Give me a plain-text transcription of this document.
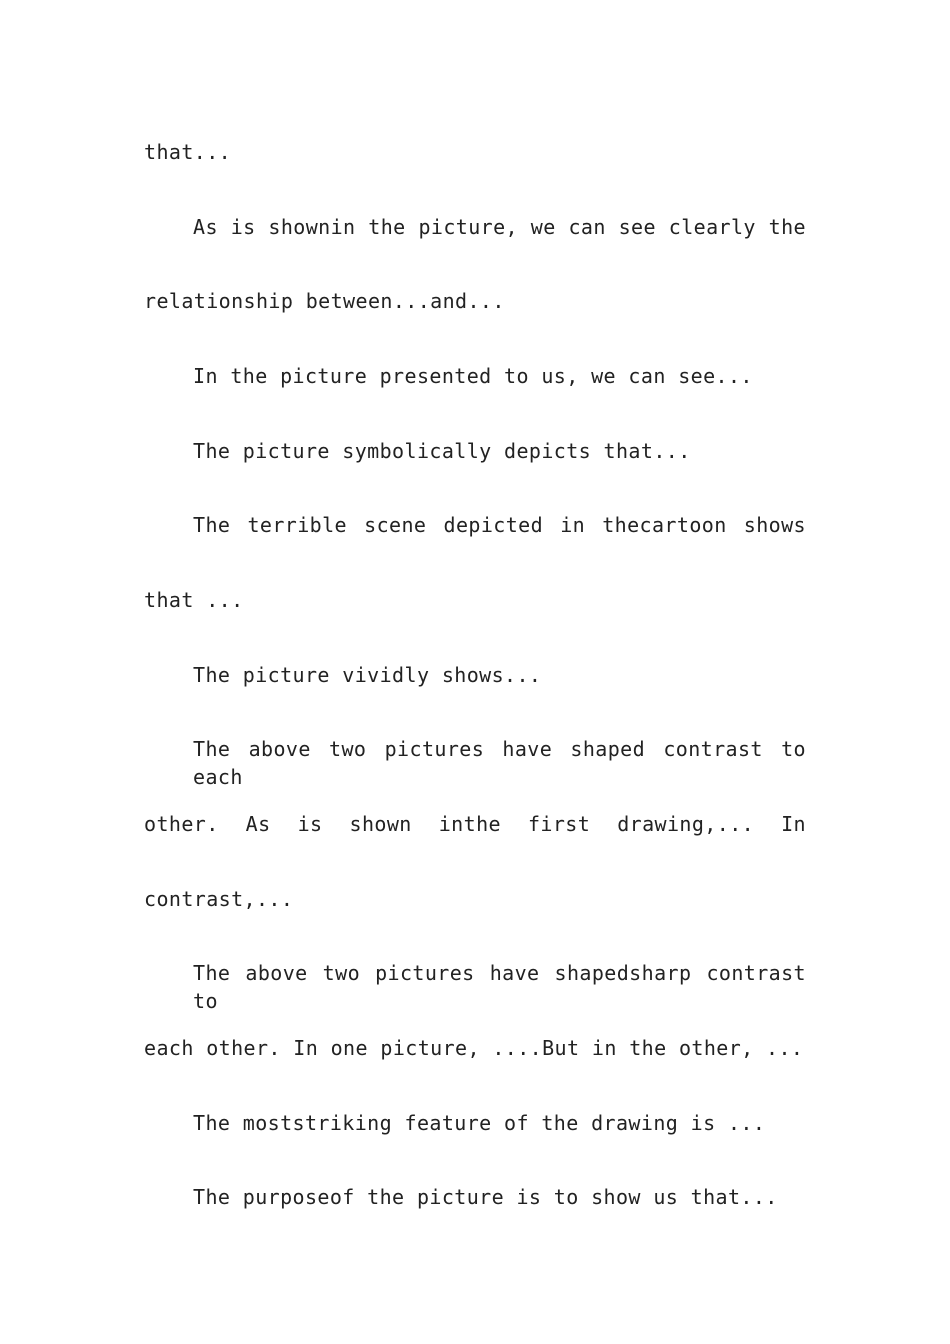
that...
As is shownin the picture, we can see clearly the
relationship between...and...
In the picture presented to us, we can see...
The picture symbolically depicts that...
The terrible scene depicted in thecartoon shows
that ...
The picture vividly shows...
The above two pictures have shaped contrast to each
other. As is shown inthe first drawing,... In
contrast,...
The above two pictures have shapedsharp contrast to
each other. In one picture, ....But in the other, ...
The moststriking feature of the drawing is ...
The purposeof the picture is to show us that...
